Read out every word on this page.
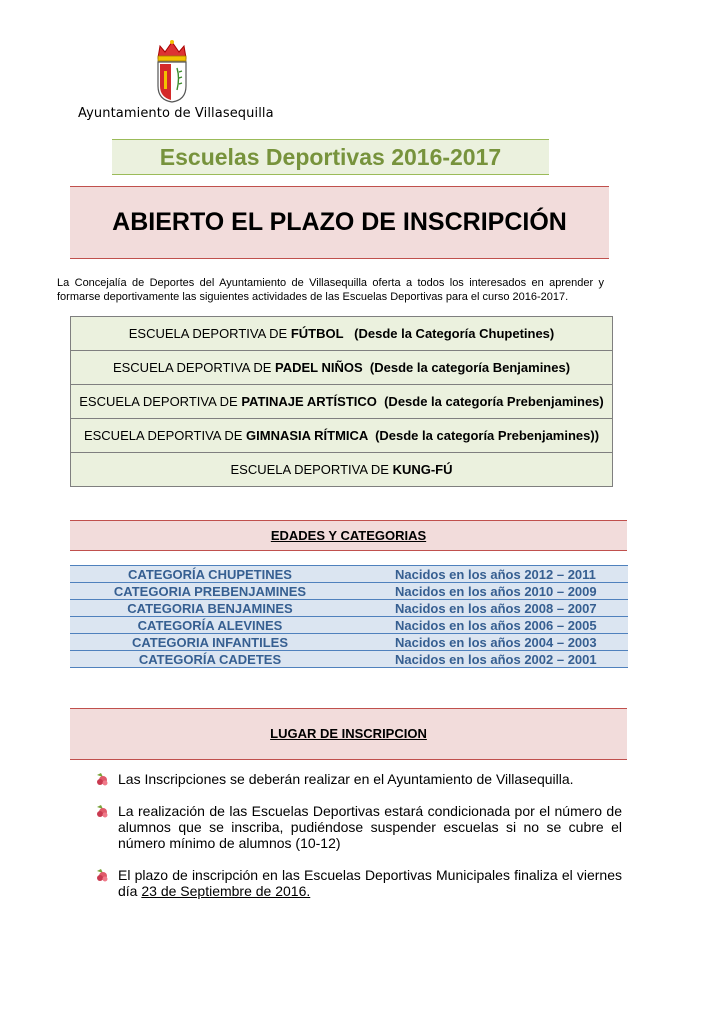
Ayuntamiento de Villasequilla
Escuelas Deportivas 2016-2017
ABIERTO EL PLAZO DE INSCRIPCIÓN
La Concejalía de Deportes del Ayuntamiento de Villasequilla oferta a todos los interesados en aprender y formarse deportivamente las siguientes actividades de las Escuelas Deportivas para el curso 2016-2017.
ESCUELA DEPORTIVA DE FÚTBOL   (Desde la Categoría Chupetines)
ESCUELA DEPORTIVA DE PADEL NIÑOS  (Desde la categoría Benjamines)
ESCUELA DEPORTIVA DE PATINAJE ARTÍSTICO  (Desde la categoría Prebenjamines)
ESCUELA DEPORTIVA DE GIMNASIA RÍTMICA  (Desde la categoría Prebenjamines))
ESCUELA DEPORTIVA DE KUNG-FÚ
EDADES Y CATEGORIAS
CATEGORÍA CHUPETINES	Nacidos en los años 2012 – 2011
CATEGORIA PREBENJAMINES	Nacidos en los años 2010 – 2009
CATEGORIA BENJAMINES	Nacidos en los años 2008 – 2007
CATEGORÍA ALEVINES	Nacidos en los años 2006 – 2005
CATEGORIA INFANTILES	Nacidos en los años 2004 – 2003
CATEGORÍA CADETES	Nacidos en los años 2002 – 2001
LUGAR DE INSCRIPCION
Las Inscripciones se deberán realizar en el Ayuntamiento de Villasequilla.
La realización de las Escuelas Deportivas estará condicionada por el número de alumnos que se inscriba, pudiéndose suspender escuelas si no se cubre el número mínimo de alumnos (10-12)
El plazo de inscripción en las Escuelas Deportivas Municipales finaliza el viernes día 23 de Septiembre de 2016.
